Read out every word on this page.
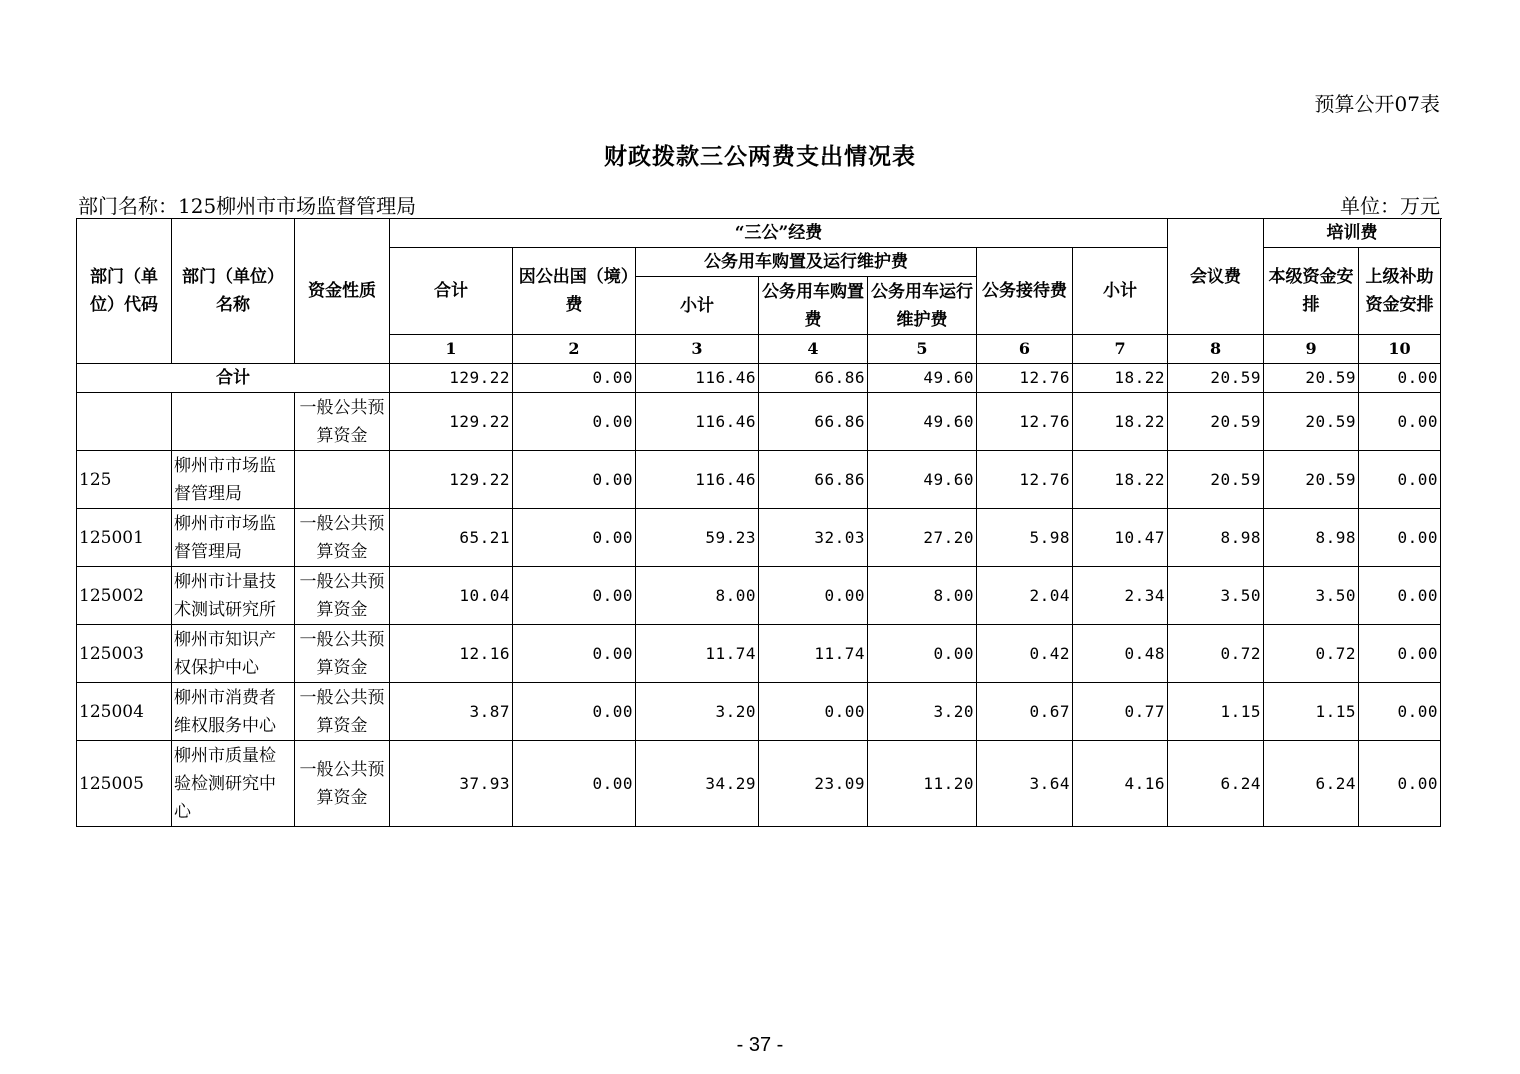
预算公开07表
财政拨款三公两费支出情况表
部门名称：125柳州市市场监督管理局	单位：万元
部门（单位）代码	部门（单位）名称	资金性质	“三公”经费							会议费	培训费	
			合计	因公出国（境）费	公务用车购置及运行维护费			公务接待费	小计		本级资金安排	上级补助资金安排
					小计	公务用车购置费	公务用车运行维护费					
			1	2	3	4	5	6	7	8	9	10
合计			129.22	0.00	116.46	66.86	49.60	12.76	18.22	20.59	20.59	0.00
		一般公共预算资金	129.22	0.00	116.46	66.86	49.60	12.76	18.22	20.59	20.59	0.00
125	柳州市市场监督管理局		129.22	0.00	116.46	66.86	49.60	12.76	18.22	20.59	20.59	0.00
125001	柳州市市场监督管理局	一般公共预算资金	65.21	0.00	59.23	32.03	27.20	5.98	10.47	8.98	8.98	0.00
125002	柳州市计量技术测试研究所	一般公共预算资金	10.04	0.00	8.00	0.00	8.00	2.04	2.34	3.50	3.50	0.00
125003	柳州市知识产权保护中心	一般公共预算资金	12.16	0.00	11.74	11.74	0.00	0.42	0.48	0.72	0.72	0.00
125004	柳州市消费者维权服务中心	一般公共预算资金	3.87	0.00	3.20	0.00	3.20	0.67	0.77	1.15	1.15	0.00
125005	柳州市质量检验检测研究中心	一般公共预算资金	37.93	0.00	34.29	23.09	11.20	3.64	4.16	6.24	6.24	0.00
- 37 -
